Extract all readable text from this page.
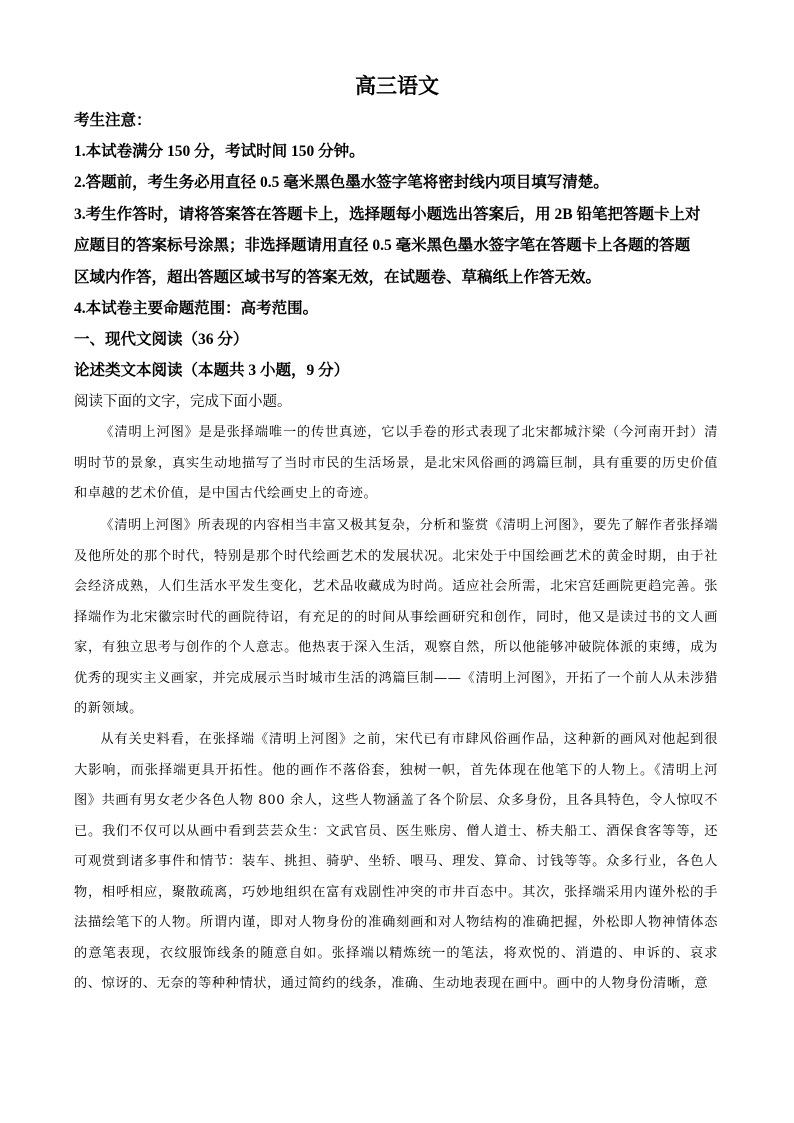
高三语文
考生注意：
1.本试卷满分 150 分，考试时间 150 分钟。
2.答题前，考生务必用直径 0.5 毫米黑色墨水签字笔将密封线内项目填写清楚。
3.考生作答时，请将答案答在答题卡上，选择题每小题选出答案后，用 2B 铅笔把答题卡上对
应题目的答案标号涂黑；非选择题请用直径 0.5 毫米黑色墨水签字笔在答题卡上各题的答题
区域内作答，超出答题区域书写的答案无效，在试题卷、草稿纸上作答无效。
4.本试卷主要命题范围：高考范围。
一、现代文阅读（36 分）
论述类文本阅读（本题共 3 小题，9 分）
阅读下面的文字，完成下面小题。

《清明上河图》是是张择端唯一的传世真迹，它以手卷的形式表现了北宋都城汴梁（今河南开封）清明时节的景象，真实生动地描写了当时市民的生活场景，是北宋风俗画的鸿篇巨制，具有重要的历史价值和卓越的艺术价值，是中国古代绘画史上的奇迹。

《清明上河图》所表现的内容相当丰富又极其复杂，分析和鉴赏《清明上河图》，要先了解作者张择端及他所处的那个时代，特别是那个时代绘画艺术的发展状况。北宋处于中国绘画艺术的黄金时期，由于社会经济成熟，人们生活水平发生变化，艺术品收藏成为时尚。适应社会所需，北宋宫廷画院更趋完善。张择端作为北宋徽宗时代的画院待诏，有充足的的时间从事绘画研究和创作，同时，他又是读过书的文人画家，有独立思考与创作的个人意志。他热衷于深入生活，观察自然，所以他能够冲破院体派的束缚，成为优秀的现实主义画家，并完成展示当时城市生活的鸿篇巨制——《清明上河图》，开拓了一个前人从未涉猎的新领域。

从有关史料看，在张择端《清明上河图》之前，宋代已有市肆风俗画作品，这种新的画风对他起到很大影响，而张择端更具开拓性。他的画作不落俗套，独树一帜，首先体现在他笔下的人物上。《清明上河图》共画有男女老少各色人物 800 余人，这些人物涵盖了各个阶层、众多身份，且各具特色，令人惊叹不已。我们不仅可以从画中看到芸芸众生：文武官员、医生账房、僧人道士、桥夫船工、酒保食客等等，还可观赏到诸多事件和情节：装车、挑担、骑驴、坐轿、喂马、理发、算命、讨钱等等。众多行业，各色人物，相呼相应，聚散疏离，巧妙地组织在富有戏剧性冲突的市井百态中。其次，张择端采用内谨外松的手法描绘笔下的人物。所谓内谨，即对人物身份的准确刻画和对人物结构的准确把握，外松即人物神情体态的意笔表现，衣纹服饰线条的随意自如。张择端以精炼统一的笔法，将欢悦的、消遣的、申诉的、哀求的、惊讶的、无奈的等种种情状，通过简约的线条，准确、生动地表现在画中。画中的人物身份清晰，意
